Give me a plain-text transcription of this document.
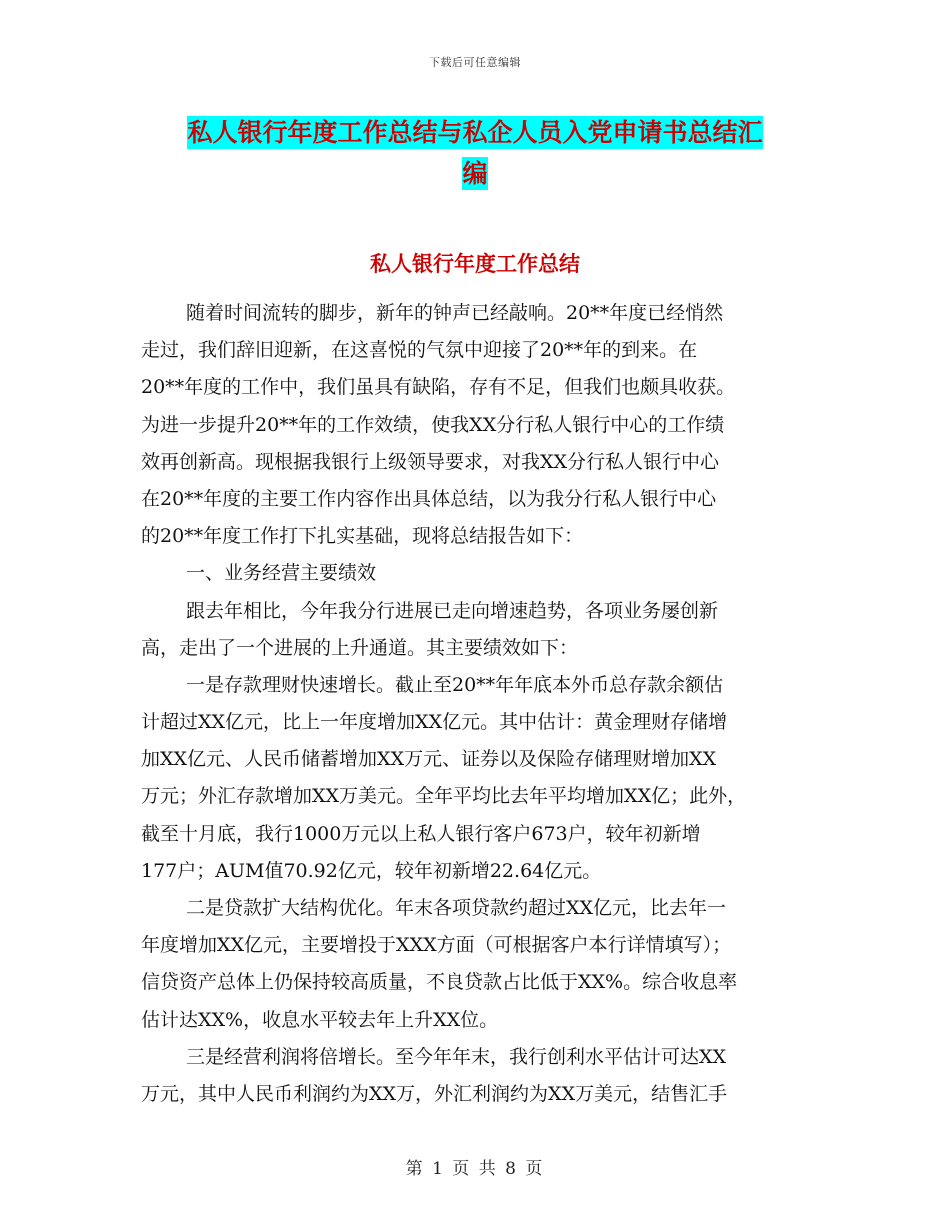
下载后可任意编辑
私人银行年度工作总结与私企人员入党申请书总结汇
编
私人银行年度工作总结
随着时间流转的脚步，新年的钟声已经敲响。20**年度已经悄然
走过，我们辞旧迎新，在这喜悦的气氛中迎接了20**年的到来。在
20**年度的工作中，我们虽具有缺陷，存有不足，但我们也颇具收获。
为进一步提升20**年的工作效绩，使我XX分行私人银行中心的工作绩
效再创新高。现根据我银行上级领导要求，对我XX分行私人银行中心
在20**年度的主要工作内容作出具体总结，以为我分行私人银行中心
的20**年度工作打下扎实基础，现将总结报告如下：
一、业务经营主要绩效
跟去年相比，今年我分行进展已走向增速趋势，各项业务屡创新
高，走出了一个进展的上升通道。其主要绩效如下：
一是存款理财快速增长。截止至20**年年底本外币总存款余额估
计超过XX亿元，比上一年度增加XX亿元。其中估计：黄金理财存储增
加XX亿元、人民币储蓄增加XX万元、证券以及保险存储理财增加XX
万元；外汇存款增加XX万美元。全年平均比去年平均增加XX亿；此外，
截至十月底，我行1000万元以上私人银行客户673户，较年初新增
177户；AUM值70.92亿元，较年初新增22.64亿元。
二是贷款扩大结构优化。年末各项贷款约超过XX亿元，比去年一
年度增加XX亿元，主要增投于XXX方面（可根据客户本行详情填写）；
信贷资产总体上仍保持较高质量，不良贷款占比低于XX%。综合收息率
估计达XX%，收息水平较去年上升XX位。
三是经营利润将倍增长。至今年年末，我行创利水平估计可达XX
万元，其中人民币利润约为XX万，外汇利润约为XX万美元，结售汇手
第 1 页 共 8 页
